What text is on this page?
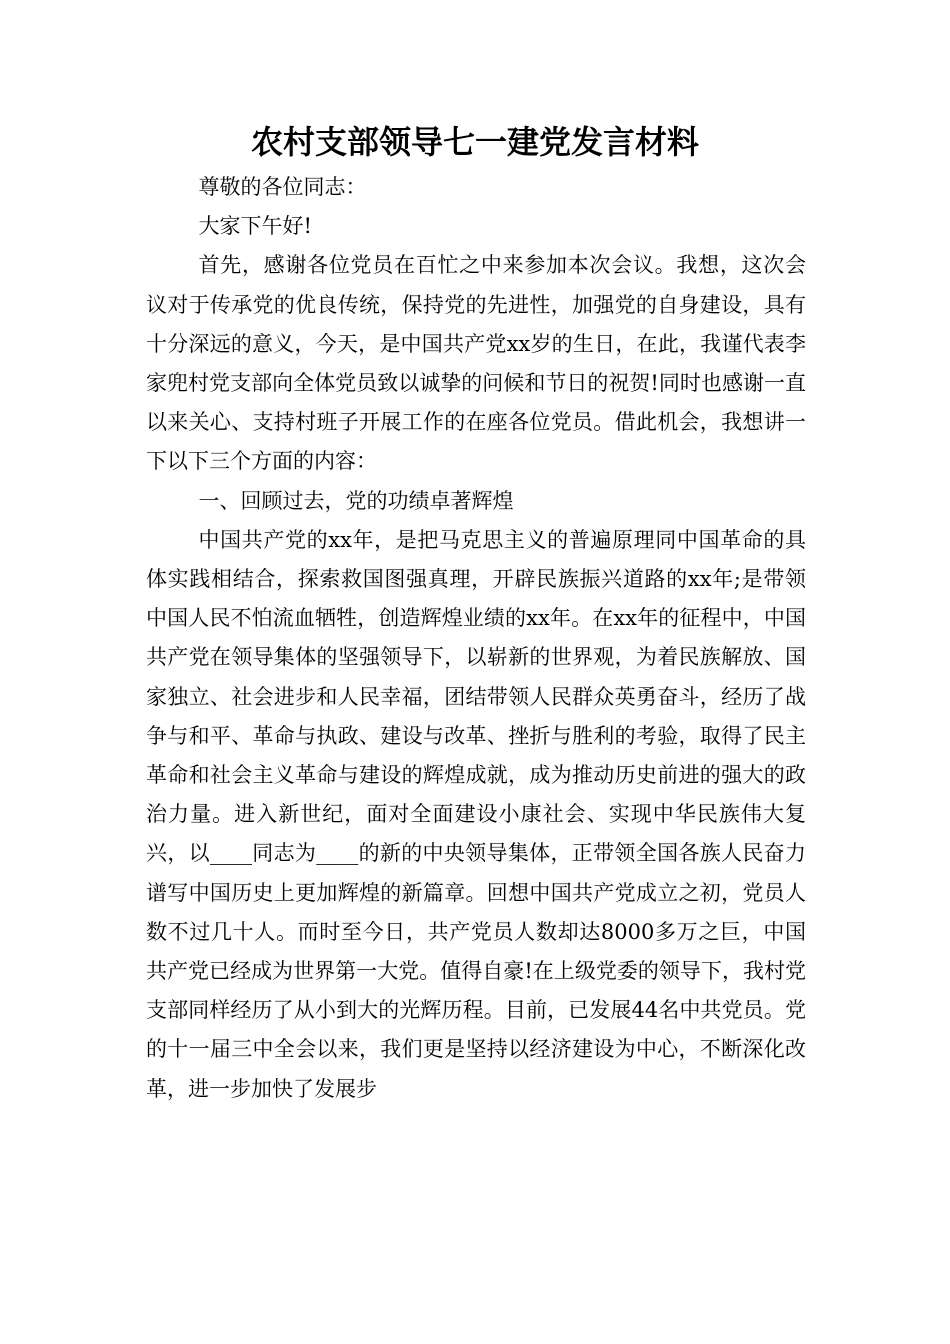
农村支部领导七一建党发言材料

尊敬的各位同志：

大家下午好!

首先，感谢各位党员在百忙之中来参加本次会议。我想，这次会议对于传承党的优良传统，保持党的先进性，加强党的自身建设，具有十分深远的意义，今天，是中国共产党xx岁的生日，在此，我谨代表李家兜村党支部向全体党员致以诚挚的问候和节日的祝贺!同时也感谢一直以来关心、支持村班子开展工作的在座各位党员。借此机会，我想讲一下以下三个方面的内容：

一、回顾过去，党的功绩卓著辉煌

中国共产党的xx年，是把马克思主义的普遍原理同中国革命的具体实践相结合，探索救国图强真理，开辟民族振兴道路的xx年;是带领中国人民不怕流血牺牲，创造辉煌业绩的xx年。在xx年的征程中，中国共产党在领导集体的坚强领导下，以崭新的世界观，为着民族解放、国家独立、社会进步和人民幸福，团结带领人民群众英勇奋斗，经历了战争与和平、革命与执政、建设与改革、挫折与胜利的考验，取得了民主革命和社会主义革命与建设的辉煌成就，成为推动历史前进的强大的政治力量。进入新世纪，面对全面建设小康社会、实现中华民族伟大复兴，以____同志为____的新的中央领导集体，正带领全国各族人民奋力谱写中国历史上更加辉煌的新篇章。回想中国共产党成立之初，党员人数不过几十人。而时至今日，共产党员人数却达8000多万之巨，中国共产党已经成为世界第一大党。值得自豪!在上级党委的领导下，我村党支部同样经历了从小到大的光辉历程。目前，已发展44名中共党员。党的十一届三中全会以来，我们更是坚持以经济建设为中心，不断深化改革，进一步加快了发展步
